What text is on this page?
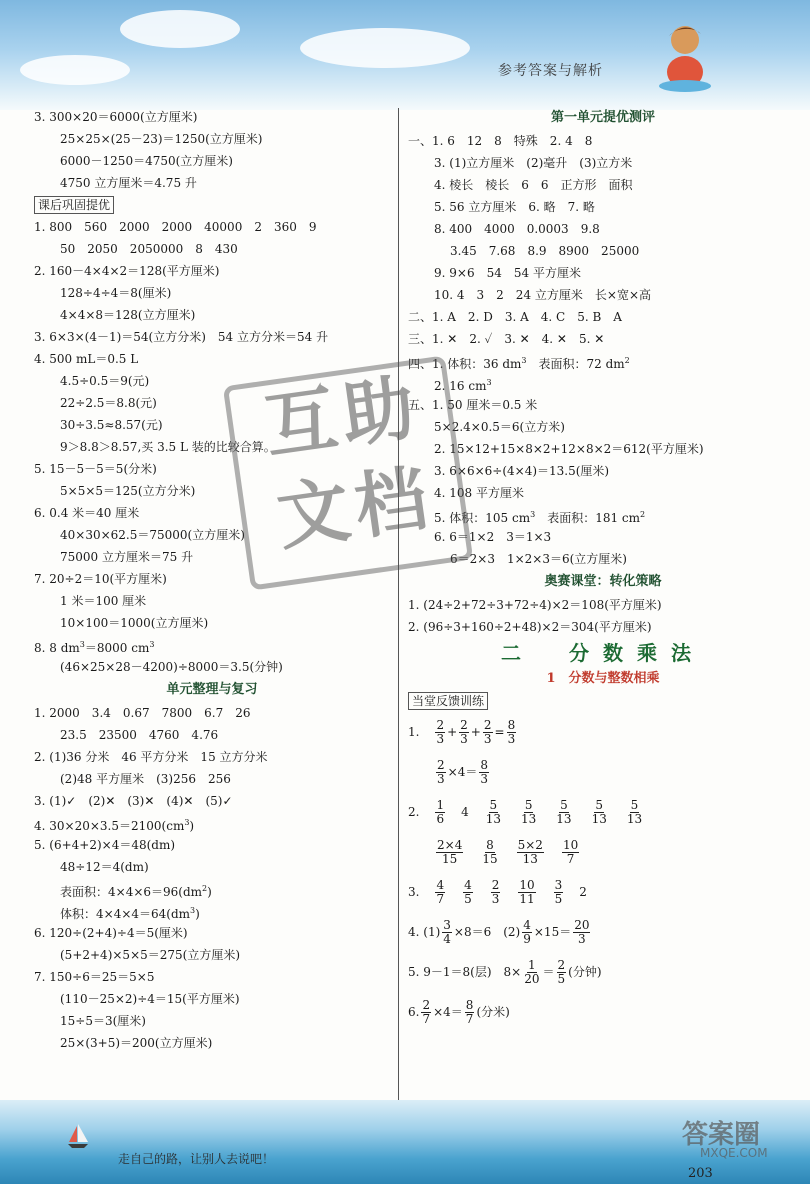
参考答案与解析
走自己的路，让别人去说吧！
203
答案圈
MXQE.COM
3. 300×20＝6000(立方厘米)
25×25×(25－23)＝1250(立方厘米)
6000－1250＝4750(立方厘米)
4750 立方厘米＝4.75 升
课后巩固提优
1. 800　560　2000　2000　40000　2　360　9
50　2050　2050000　8　430
2. 160－4×4×2＝128(平方厘米)
128÷4÷4＝8(厘米)
4×4×8＝128(立方厘米)
3. 6×3×(4－1)＝54(立方分米)　54 立方分米＝54 升
4. 500 mL＝0.5 L
4.5÷0.5＝9(元)
22÷2.5＝8.8(元)
30÷3.5≈8.57(元)
9＞8.8＞8.57,买 3.5 L 装的比较合算。
5. 15－5－5＝5(分米)
5×5×5＝125(立方分米)
6. 0.4 米＝40 厘米
40×30×62.5＝75000(立方厘米)
75000 立方厘米＝75 升
7. 20÷2＝10(平方厘米)
1 米＝100 厘米
10×100＝1000(立方厘米)
8. 8 $dm^3=8000$ $cm^3$
(46×25×28－4200)÷8000＝3.5(分钟)
单元整理与复习
1. 2000　3.4　0.67　7800　6.7　26
23.5　23500　4760　4.76
2. (1)36 分米　46 平方分米　15 立方分米
(2)48 平方厘米　(3)256　256
3. (1)✓　(2)✕　(3)✕　(4)✕　(5)✓
4. $30\times 20\times 3.5=2100(cm^3)$
5. (6+4+2)×4＝48(dm)
48÷12＝4(dm)
表面积：$4\times 4\times 6=96(dm^2)$
体积：$4\times 4\times 4=64(dm^3)$
6. 120÷(2+4)÷4＝5(厘米)
(5+2+4)×5×5＝275(立方厘米)
7. 150÷6＝25＝5×5
(110－25×2)÷4＝15(平方厘米)
15÷5＝3(厘米)
25×(3+5)＝200(立方厘米)
第一单元提优测评
一、1. 6　12　8　特殊　2. 4　8
3. (1)立方厘米　(2)毫升　(3)立方米
4. 棱长　棱长　6　6　正方形　面积
5. 56 立方厘米　6. 略　7. 略
8. 400　4000　0.0003　9.8
3.45　7.68　8.9　8900　25000
9. 9×6　54　54 平方厘米
10. 4　3　2　24 立方厘米　长×宽×高
二、1. A　2. D　3. A　4. C　5. B　A
三、1. ✕　2. ✓　3. ✕　4. ✕　5. ✕
四、1. 体积：36 $dm^3$　表面积：72 $dm^2$
2. 16 $cm^3$
五、1. 50 厘米＝0.5 米
5×2.4×0.5＝6(立方米)
2. 15×12+15×8×2+12×8×2＝612(平方厘米)
3. 6×6×6÷(4×4)＝13.5(厘米)
4. 108 平方厘米
5. 体积：105 $cm^3$　表面积：181 $cm^2$
6. 6＝1×2　3＝1×3
6＝2×3　1×2×3＝6(立方厘米)
奥赛课堂：转化策略
1. (24÷2+72÷3+72÷4)×2＝108(平方厘米)
2. (96÷3+160÷2+48)×2＝304(平方厘米)
二　分数乘法
1　分数与整数相乘
当堂反馈训练
1. $\frac{2}{3} + \frac{2}{3} + \frac{2}{3} = \frac{8}{3}$
$\frac{2}{3} \times 4= \frac{8}{3}$
2. $\frac{1}{6} 4 \frac{5}{13} \frac{5}{13} \frac{5}{13} \frac{5}{13} \frac{5}{13}$
$\frac{2\times 4}{15} \frac{8}{15} \frac{5\times 2}{13} \frac{10}{7}$
3. $\frac{4}{7} \frac{4}{5} \frac{2}{3} \frac{10}{11} \frac{3}{5} 2$
4. $(1) \frac{3}{4} \times 8=6$　$(2) \frac{4}{9} \times 15= \frac{20}{3}$
5. 9－1＝8(层)　$8\times \frac{1}{20} = \frac{2}{5}$ (分钟)
6. $\frac{2}{7} \times 4= \frac{8}{7}$ (分米)
互助
文档
